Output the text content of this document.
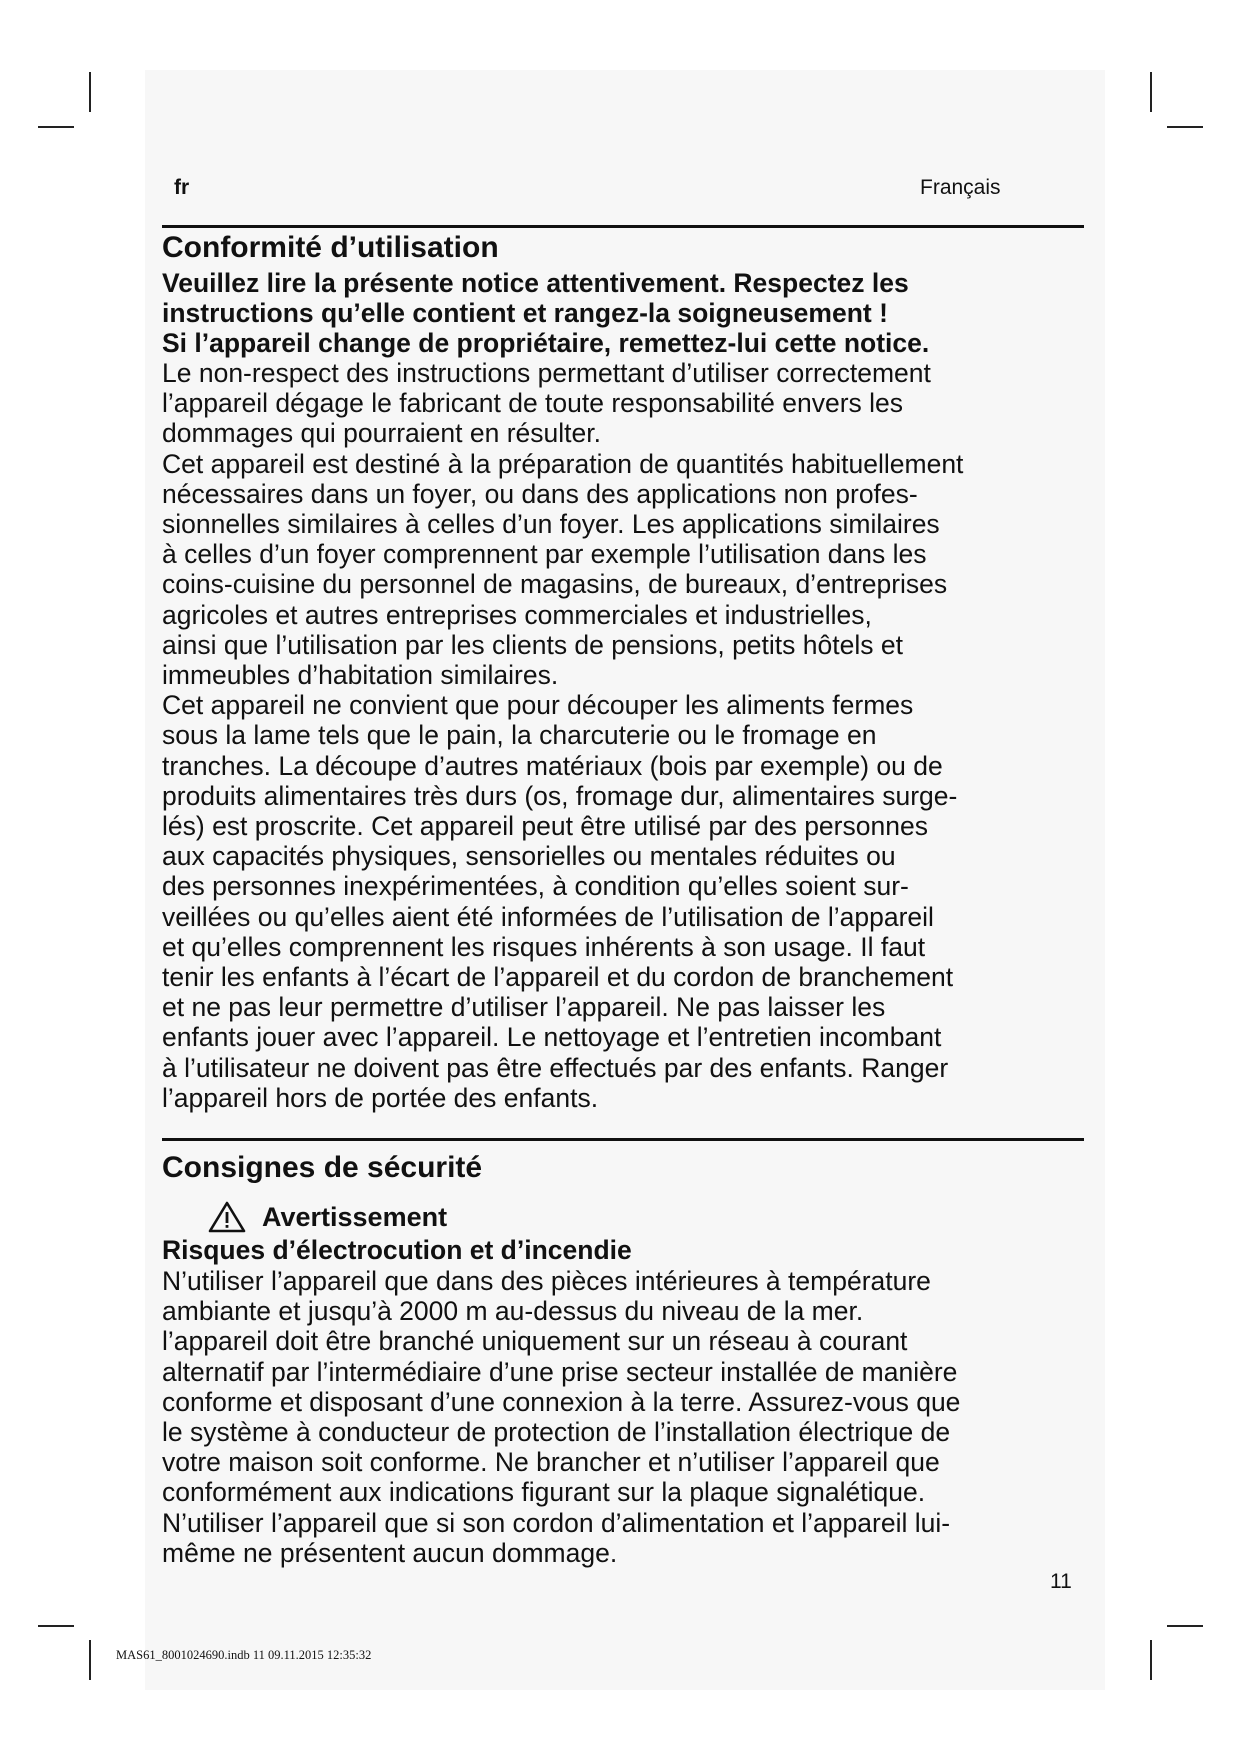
fr	Français
Conformité d’utilisation
Veuillez lire la présente notice attentivement. Respectez les
instructions qu’elle contient et rangez-la soigneusement !
Si l’appareil change de propriétaire, remettez-lui cette notice.
Le non-respect des instructions permettant d’utiliser correctement
l’appareil dégage le fabricant de toute responsabilité envers les
dommages qui pourraient en résulter.
Cet appareil est destiné à la préparation de quantités habituellement
nécessaires dans un foyer, ou dans des applications non profes-
sionnelles similaires à celles d’un foyer. Les applications similaires
à celles d’un foyer comprennent par exemple l’utilisation dans les
coins-cuisine du personnel de magasins, de bureaux, d’entreprises
agricoles et autres entreprises commerciales et industrielles,
ainsi que l’utilisation par les clients de pensions, petits hôtels et
immeubles d’habitation similaires.
Cet appareil ne convient que pour découper les aliments fermes
sous la lame tels que le pain, la charcuterie ou le fromage en
tranches. La découpe d’autres matériaux (bois par exemple) ou de
produits alimentaires très durs (os, fromage dur, alimentaires surge-
lés) est proscrite. Cet appareil peut être utilisé par des personnes
aux capacités physiques, sensorielles ou mentales réduites ou
des personnes inexpérimentées, à condition qu’elles soient sur-
veillées ou qu’elles aient été informées de l’utilisation de l’appareil
et qu’elles comprennent les risques inhérents à son usage. Il faut
tenir les enfants à l’écart de l’appareil et du cordon de branchement
et ne pas leur permettre d’utiliser l’appareil. Ne pas laisser les
enfants jouer avec l’appareil. Le nettoyage et l’entretien incombant
à l’utilisateur ne doivent pas être effectués par des enfants. Ranger
l’appareil hors de portée des enfants.
Consignes de sécurité
Avertissement
Risques d’électrocution et d’incendie
N’utiliser l’appareil que dans des pièces intérieures à température
ambiante et jusqu’à 2000 m au-dessus du niveau de la mer.
l’appareil doit être branché uniquement sur un réseau à courant
alternatif par l’intermédiaire d’une prise secteur installée de manière
conforme et disposant d’une connexion à la terre. Assurez-vous que
le système à conducteur de protection de l’installation électrique de
votre maison soit conforme. Ne brancher et n’utiliser l’appareil que
conformément aux indications figurant sur la plaque signalétique.
N’utiliser l’appareil que si son cordon d’alimentation et l’appareil lui-
même ne présentent aucun dommage.
11
MAS61_8001024690.indb 11 09.11.2015 12:35:32
